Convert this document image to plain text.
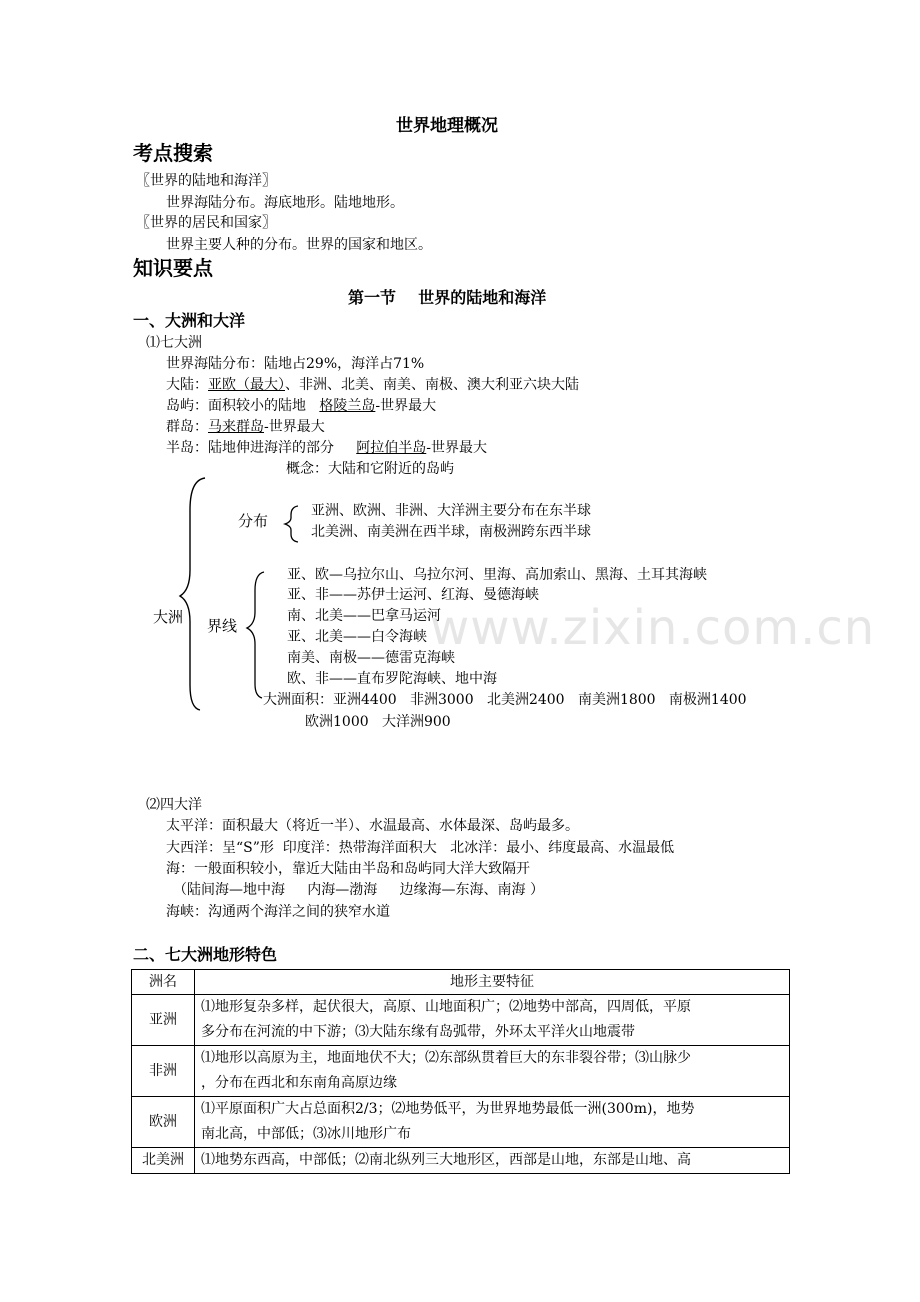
www.zixin.com.cn
世界地理概况
考点搜索
〖世界的陆地和海洋〗
世界海陆分布。海底地形。陆地地形。
〖世界的居民和国家〗
世界主要人种的分布。世界的国家和地区。
知识要点
第一节    世界的陆地和海洋
一、大洲和大洋
⑴七大洲
世界海陆分布：陆地占29%，海洋占71%
大陆：亚欧（最大）、非洲、北美、南美、南极、澳大利亚六块大陆
岛屿：面积较小的陆地   格陵兰岛-世界最大
群岛：马来群岛-世界最大
半岛：陆地伸进海洋的部分     阿拉伯半岛-世界最大
概念：大陆和它附近的岛屿
大洲
分布
亚洲、欧洲、非洲、大洋洲主要分布在东半球
北美洲、南美洲在西半球，南极洲跨东西半球
界线
亚、欧—乌拉尔山、乌拉尔河、里海、高加索山、黑海、土耳其海峡
亚、非——苏伊士运河、红海、曼德海峡
南、北美——巴拿马运河
亚、北美——白令海峡
南美、南极——德雷克海峡
欧、非——直布罗陀海峡、地中海
大洲面积：亚洲4400   非洲3000   北美洲2400   南美洲1800   南极洲1400
欧洲1000   大洋洲900
⑵四大洋
太平洋：面积最大（将近一半）、水温最高、水体最深、岛屿最多。
大西洋：呈“S”形  印度洋：热带海洋面积大   北冰洋：最小、纬度最高、水温最低
海：一般面积较小，靠近大陆由半岛和岛屿同大洋大致隔开
（陆间海—地中海     内海—渤海     边缘海—东海、南海 ）
海峡：沟通两个海洋之间的狭窄水道
二、七大洲地形特色
洲名	地形主要特征
亚洲	⑴地形复杂多样，起伏很大，高原、山地面积广；⑵地势中部高，四周低，平原
多分布在河流的中下游；⑶大陆东缘有岛弧带，外环太平洋火山地震带

非洲	⑴地形以高原为主，地面地伏不大；⑵东部纵贯着巨大的东非裂谷带；⑶山脉少
，分布在西北和东南角高原边缘

欧洲	⑴平原面积广大占总面积2/3；⑵地势低平，为世界地势最低一洲(300m)，地势
南北高，中部低；⑶冰川地形广布

北美洲	⑴地势东西高，中部低；⑵南北纵列三大地形区，西部是山地，东部是山地、高
